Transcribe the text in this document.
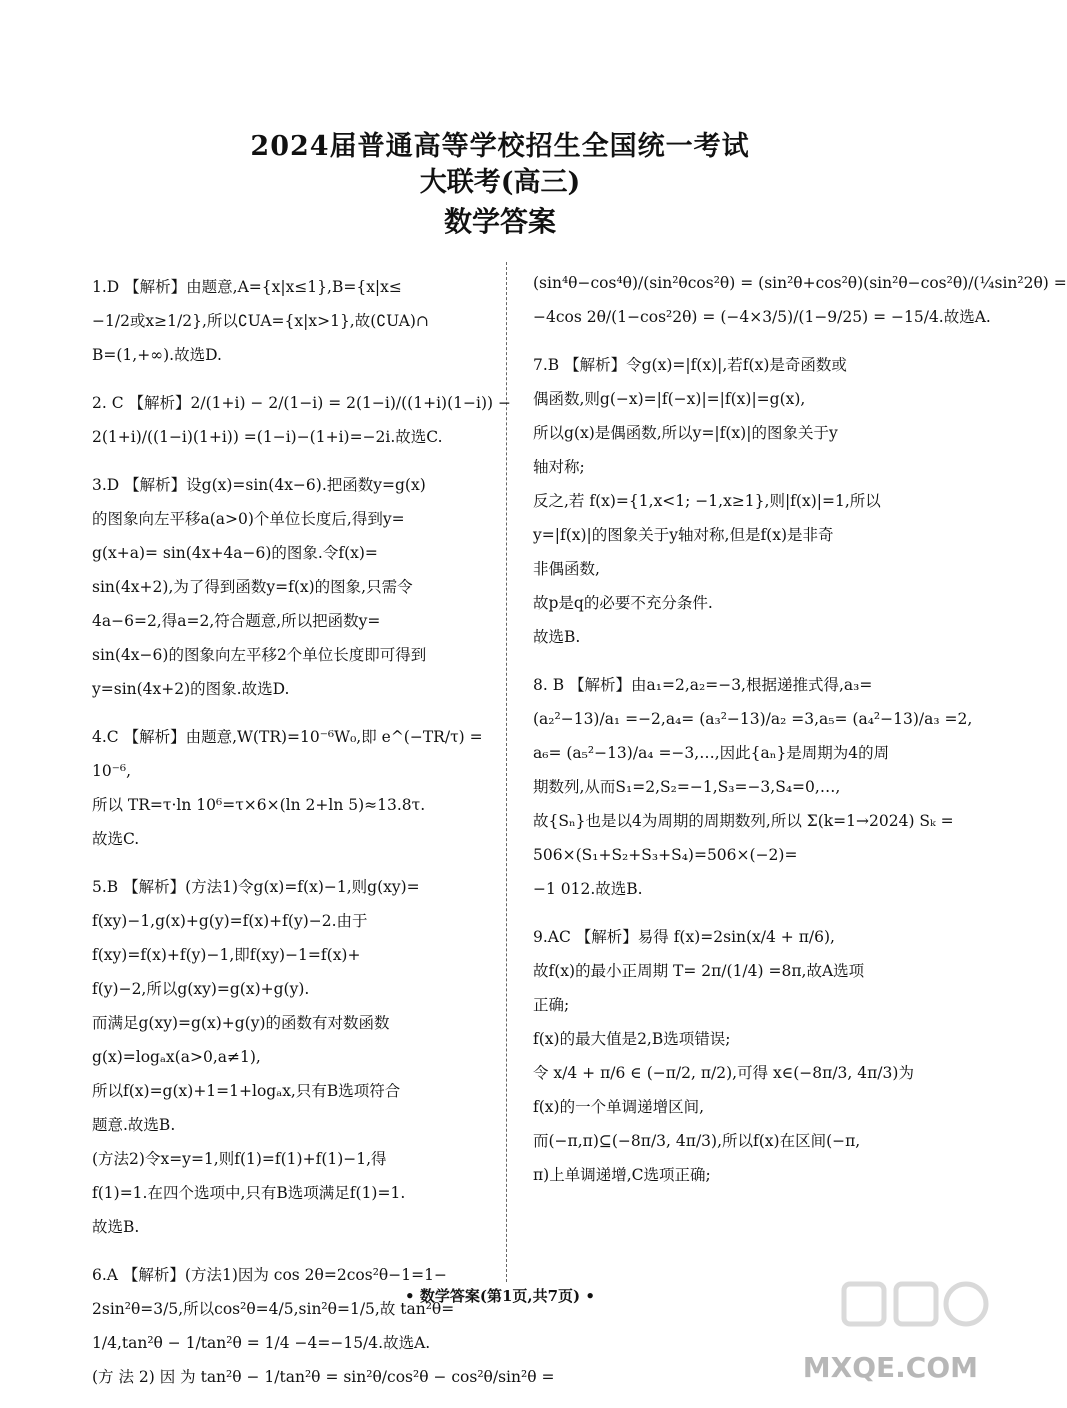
2024届普通高等学校招生全国统一考试
大联考(高三)
数学答案
1.D 【解析】由题意,A={x|x≤1},B={x|x≤
−1/2或x≥1/2},所以∁UA={x|x>1},故(∁UA)∩
B=(1,+∞).故选D.
2. C 【解析】2/(1+i) − 2/(1−i) = 2(1−i)/((1+i)(1−i)) −
2(1+i)/((1−i)(1+i)) =(1−i)−(1+i)=−2i.故选C.
3.D 【解析】设g(x)=sin(4x−6).把函数y=g(x)
的图象向左平移a(a>0)个单位长度后,得到y=
g(x+a)= sin(4x+4a−6)的图象.令f(x)=
sin(4x+2),为了得到函数y=f(x)的图象,只需令
4a−6=2,得a=2,符合题意,所以把函数y=
sin(4x−6)的图象向左平移2个单位长度即可得到
y=sin(4x+2)的图象.故选D.
4.C 【解析】由题意,W(TR)=10⁻⁶W₀,即 e^(−TR/τ) =
10⁻⁶,
所以 TR=τ·ln 10⁶=τ×6×(ln 2+ln 5)≈13.8τ.
故选C.
5.B 【解析】(方法1)令g(x)=f(x)−1,则g(xy)=
f(xy)−1,g(x)+g(y)=f(x)+f(y)−2.由于
f(xy)=f(x)+f(y)−1,即f(xy)−1=f(x)+
f(y)−2,所以g(xy)=g(x)+g(y).
而满足g(xy)=g(x)+g(y)的函数有对数函数
g(x)=logₐx(a>0,a≠1),
所以f(x)=g(x)+1=1+logₐx,只有B选项符合
题意.故选B.
(方法2)令x=y=1,则f(1)=f(1)+f(1)−1,得
f(1)=1.在四个选项中,只有B选项满足f(1)=1.
故选B.
6.A 【解析】(方法1)因为 cos 2θ=2cos²θ−1=1−
2sin²θ=3/5,所以cos²θ=4/5,sin²θ=1/5,故 tan²θ=
1/4,tan²θ − 1/tan²θ = 1/4 −4=−15/4.故选A.
(方 法 2) 因 为 tan²θ − 1/tan²θ = sin²θ/cos²θ − cos²θ/sin²θ =
(sin⁴θ−cos⁴θ)/(sin²θcos²θ) = (sin²θ+cos²θ)(sin²θ−cos²θ)/(¼sin²2θ) =
−4cos 2θ/(1−cos²2θ) = (−4×3/5)/(1−9/25) = −15/4.故选A.
7.B 【解析】令g(x)=|f(x)|,若f(x)是奇函数或
偶函数,则g(−x)=|f(−x)|=|f(x)|=g(x),
所以g(x)是偶函数,所以y=|f(x)|的图象关于y
轴对称;
反之,若 f(x)={1,x<1; −1,x≥1},则|f(x)|=1,所以
y=|f(x)|的图象关于y轴对称,但是f(x)是非奇
非偶函数,
故p是q的必要不充分条件.
故选B.
8. B 【解析】由a₁=2,a₂=−3,根据递推式得,a₃=
(a₂²−13)/a₁ =−2,a₄= (a₃²−13)/a₂ =3,a₅= (a₄²−13)/a₃ =2,
a₆= (a₅²−13)/a₄ =−3,…,因此{aₙ}是周期为4的周
期数列,从而S₁=2,S₂=−1,S₃=−3,S₄=0,…,
故{Sₙ}也是以4为周期的周期数列,所以 Σ(k=1→2024) Sₖ =
506×(S₁+S₂+S₃+S₄)=506×(−2)=
−1 012.故选B.
9.AC 【解析】易得 f(x)=2sin(x/4 + π/6),
故f(x)的最小正周期 T= 2π/(1/4) =8π,故A选项
正确;
f(x)的最大值是2,B选项错误;
令 x/4 + π/6 ∈ (−π/2, π/2),可得 x∈(−8π/3, 4π/3)为
f(x)的一个单调递增区间,
而(−π,π)⊆(−8π/3, 4π/3),所以f(x)在区间(−π,
π)上单调递增,C选项正确;
• 数学答案(第1页,共7页) •
MXQE.COM
